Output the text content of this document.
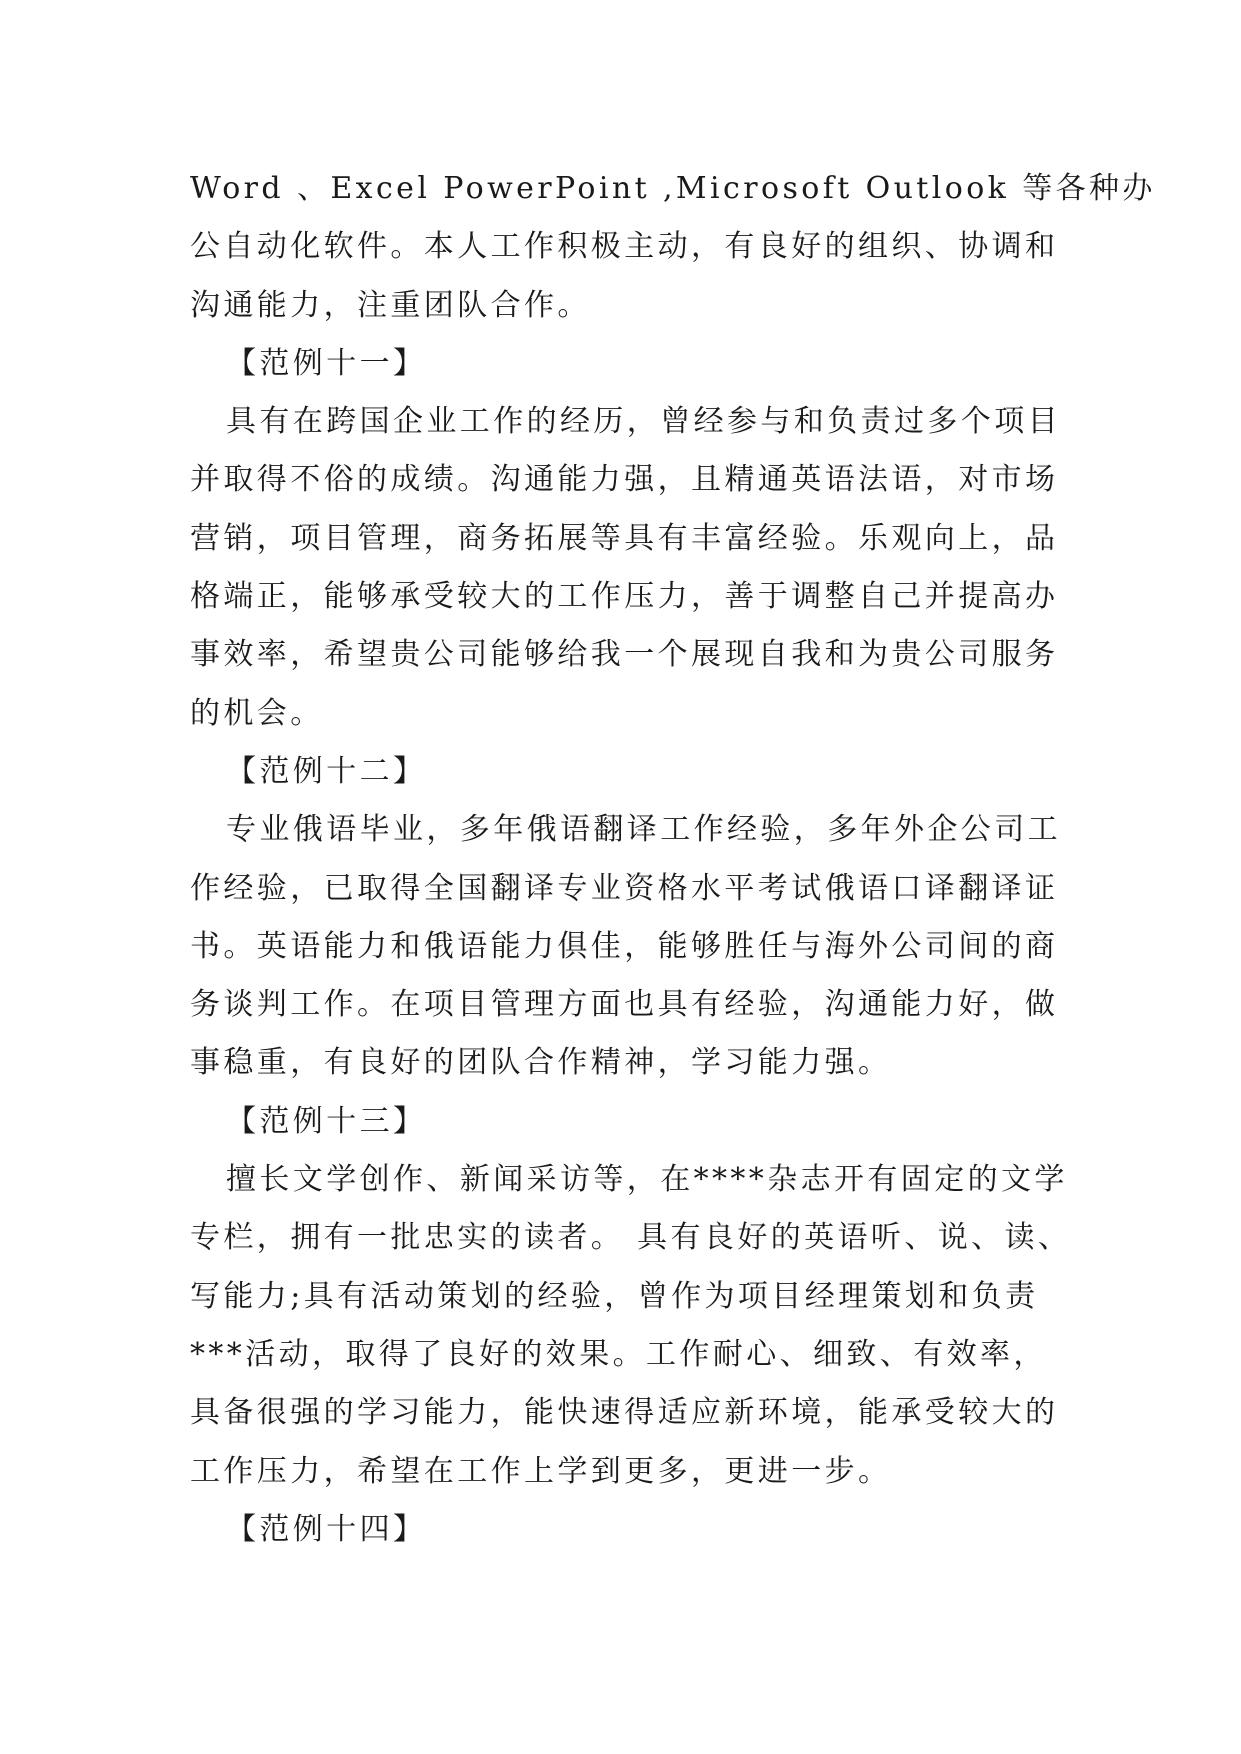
Word 、Excel PowerPoint ,Microsoft Outlook 等各种办
公自动化软件。本人工作积极主动，有良好的组织、协调和
沟通能力，注重团队合作。
【范例十一】
具有在跨国企业工作的经历，曾经参与和负责过多个项目
并取得不俗的成绩。沟通能力强，且精通英语法语，对市场
营销，项目管理，商务拓展等具有丰富经验。乐观向上，品
格端正，能够承受较大的工作压力，善于调整自己并提高办
事效率，希望贵公司能够给我一个展现自我和为贵公司服务
的机会。
【范例十二】
专业俄语毕业，多年俄语翻译工作经验，多年外企公司工
作经验，已取得全国翻译专业资格水平考试俄语口译翻译证
书。英语能力和俄语能力俱佳，能够胜任与海外公司间的商
务谈判工作。在项目管理方面也具有经验，沟通能力好，做
事稳重，有良好的团队合作精神，学习能力强。
【范例十三】
擅长文学创作、新闻采访等，在****杂志开有固定的文学
专栏，拥有一批忠实的读者。 具有良好的英语听、说、读、
写能力;具有活动策划的经验，曾作为项目经理策划和负责
***活动，取得了良好的效果。工作耐心、细致、有效率，
具备很强的学习能力，能快速得适应新环境，能承受较大的
工作压力，希望在工作上学到更多，更进一步。
【范例十四】
